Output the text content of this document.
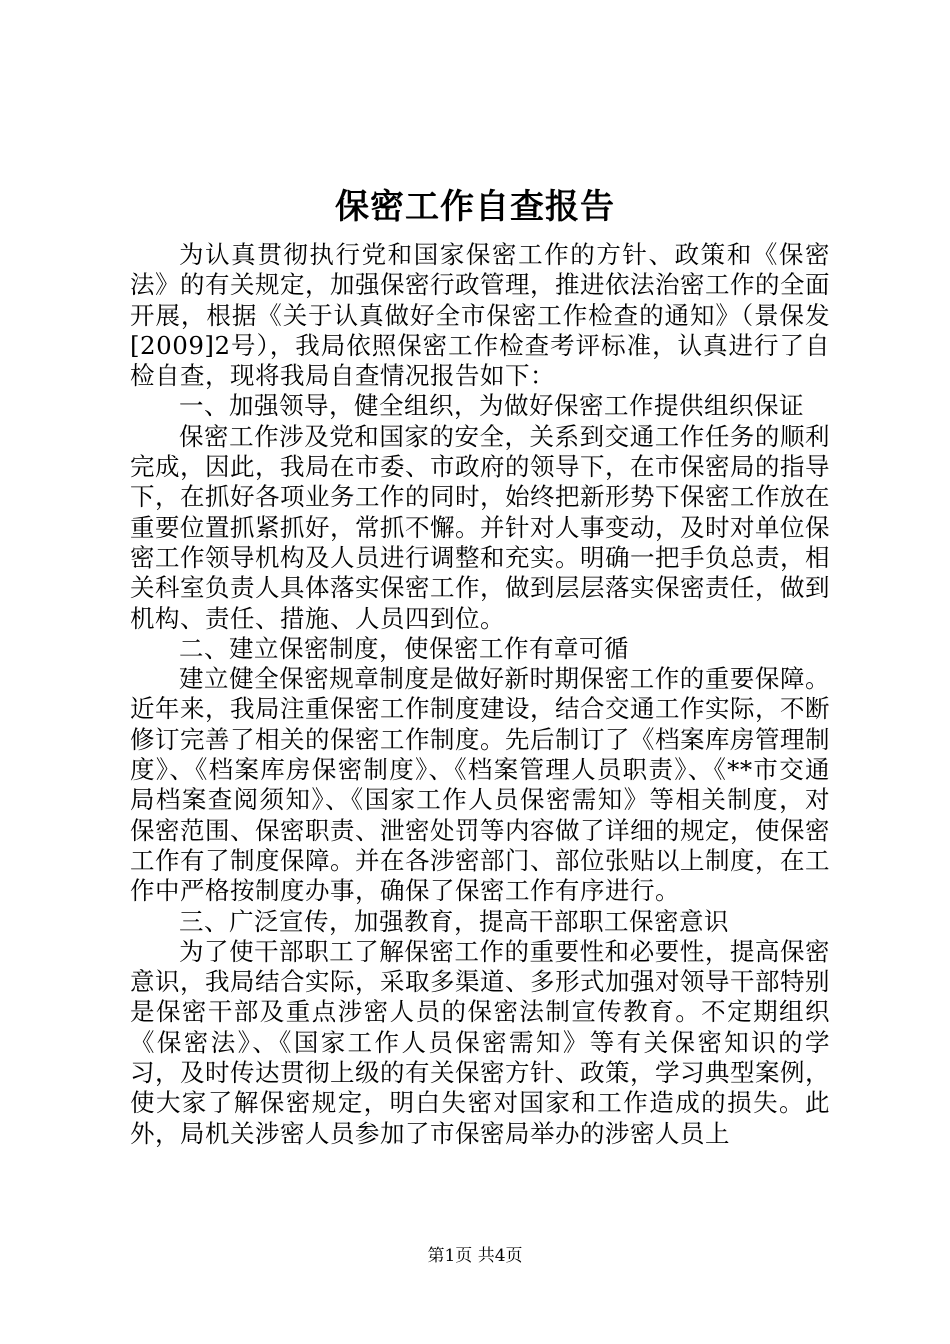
保密工作自查报告

为认真贯彻执行党和国家保密工作的方针、政策和《保密法》的有关规定，加强保密行政管理，推进依法治密工作的全面开展，根据《关于认真做好全市保密工作检查的通知》（景保发[2009]2号），我局依照保密工作检查考评标准，认真进行了自检自查，现将我局自查情况报告如下：

一、加强领导，健全组织，为做好保密工作提供组织保证

保密工作涉及党和国家的安全，关系到交通工作任务的顺利完成，因此，我局在市委、市政府的领导下，在市保密局的指导下，在抓好各项业务工作的同时，始终把新形势下保密工作放在重要位置抓紧抓好，常抓不懈。并针对人事变动，及时对单位保密工作领导机构及人员进行调整和充实。明确一把手负总责，相关科室负责人具体落实保密工作，做到层层落实保密责任，做到机构、责任、措施、人员四到位。

二、建立保密制度，使保密工作有章可循

建立健全保密规章制度是做好新时期保密工作的重要保障。近年来，我局注重保密工作制度建设，结合交通工作实际，不断修订完善了相关的保密工作制度。先后制订了《档案库房管理制度》、《档案库房保密制度》、《档案管理人员职责》、《**市交通局档案查阅须知》、《国家工作人员保密需知》等相关制度，对保密范围、保密职责、泄密处罚等内容做了详细的规定，使保密工作有了制度保障。并在各涉密部门、部位张贴以上制度，在工作中严格按制度办事，确保了保密工作有序进行。

三、广泛宣传，加强教育，提高干部职工保密意识

为了使干部职工了解保密工作的重要性和必要性，提高保密意识，我局结合实际，采取多渠道、多形式加强对领导干部特别是保密干部及重点涉密人员的保密法制宣传教育。不定期组织《保密法》、《国家工作人员保密需知》等有关保密知识的学习，及时传达贯彻上级的有关保密方针、政策，学习典型案例，使大家了解保密规定，明白失密对国家和工作造成的损失。此外，局机关涉密人员参加了市保密局举办的涉密人员上

第1页 共4页
